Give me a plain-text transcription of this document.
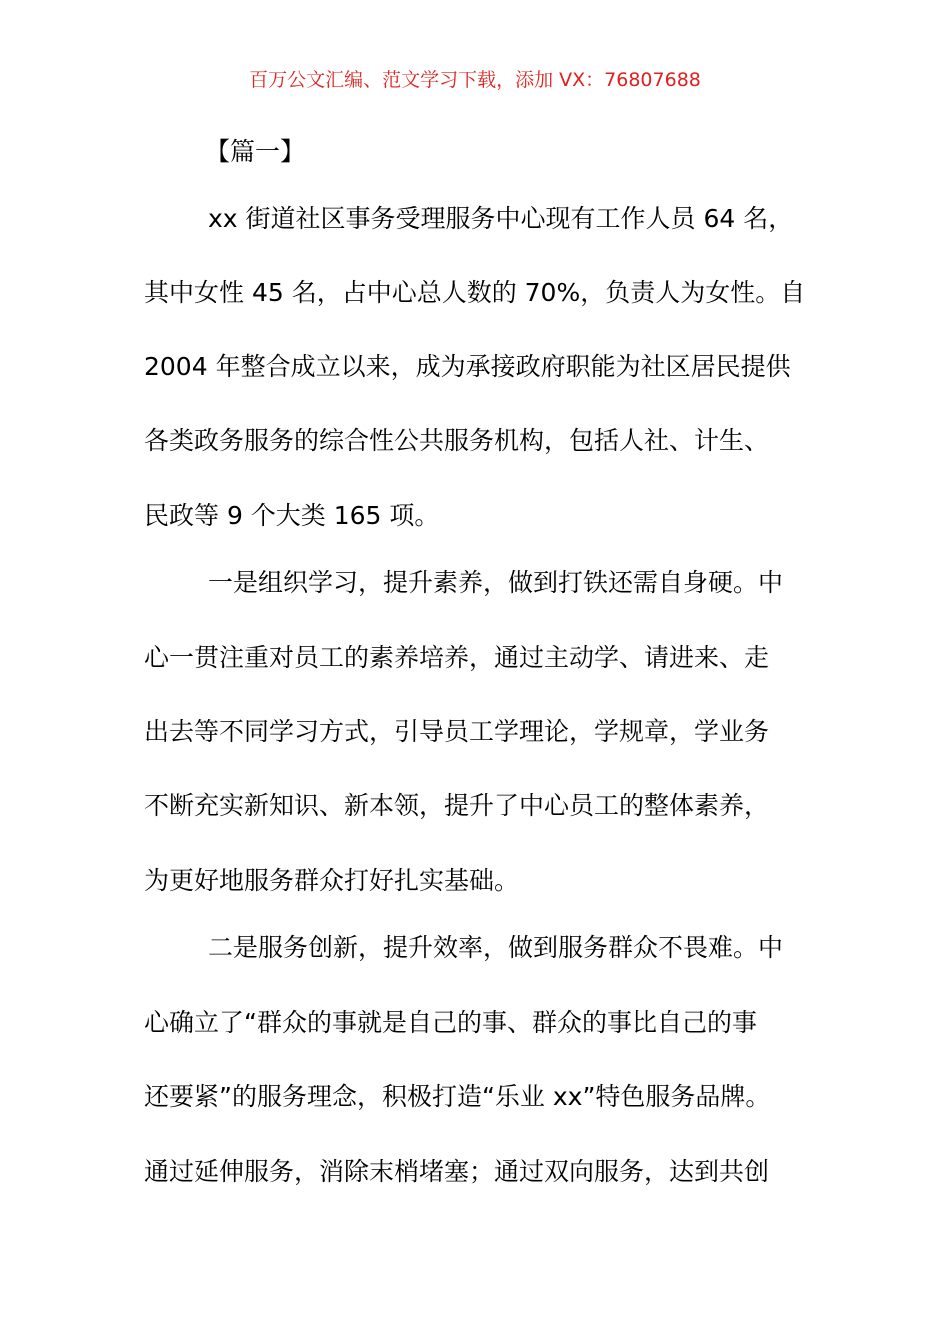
百万公文汇编、范文学习下载，添加 VX：76807688
【篇一】
xx 街道社区事务受理服务中心现有工作人员 64 名，
其中女性 45 名，占中心总人数的 70%，负责人为女性。自
2004 年整合成立以来，成为承接政府职能为社区居民提供
各类政务服务的综合性公共服务机构，包括人社、计生、
民政等 9 个大类 165 项。
一是组织学习，提升素养，做到打铁还需自身硬。中
心一贯注重对员工的素养培养，通过主动学、请进来、走
出去等不同学习方式，引导员工学理论，学规章，学业务
不断充实新知识、新本领，提升了中心员工的整体素养，
为更好地服务群众打好扎实基础。
二是服务创新，提升效率，做到服务群众不畏难。中
心确立了“群众的事就是自己的事、群众的事比自己的事
还要紧”的服务理念，积极打造“乐业 xx”特色服务品牌。
通过延伸服务，消除末梢堵塞；通过双向服务，达到共创
